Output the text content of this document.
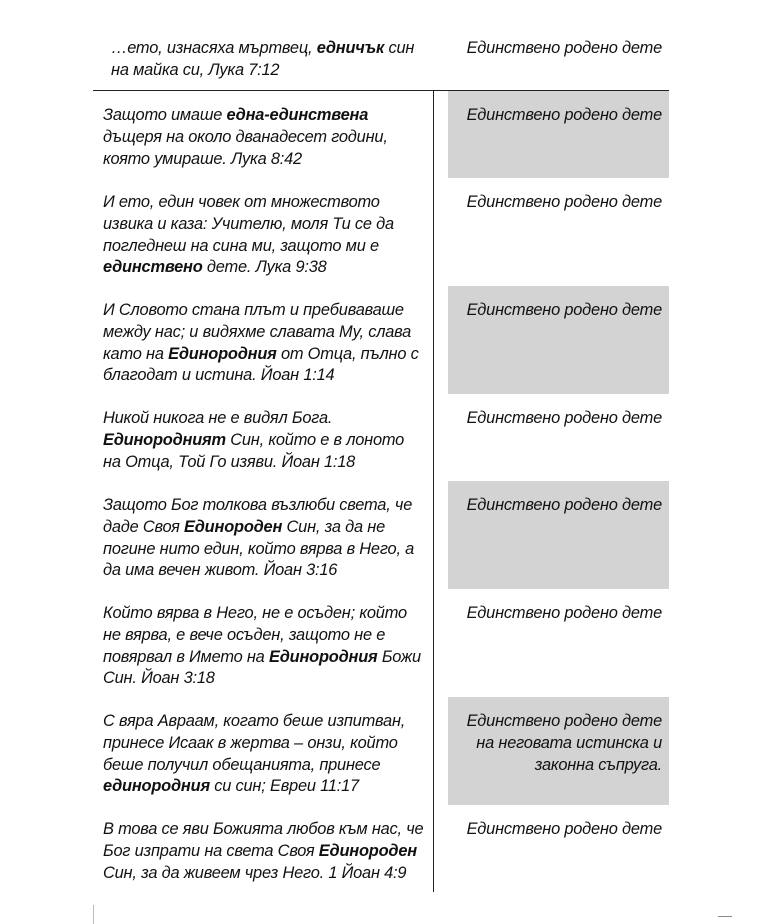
…ето, изнасяха мъртвец, едничък син на майка си, Лука 7:12
Единствено родено дете
Защото имаше една-единствена дъщеря на около дванадесет години, която умираше. Лука 8:42
Единствено родено дете
И ето, един човек от множеството извика и каза: Учителю, моля Ти се да погледнеш на сина ми, защото ми е единствено дете. Лука 9:38
Единствено родено дете
И Словото стана плът и пребиваваше между нас; и видяхме славата Му, слава като на Единородния от Отца, пълно с благодат и истина. Йоан 1:14
Единствено родено дете
Никой никога не е видял Бога. Единородният Син, който е в лоното на Отца, Той Го изяви. Йоан 1:18
Единствено родено дете
Защото Бог толкова възлюби света, че даде Своя Единороден Син, за да не погине нито един, който вярва в Него, а да има вечен живот. Йоан 3:16
Единствено родено дете
Който вярва в Него, не е осъден; който не вярва, е вече осъден, защото не е повярвал в Името на Единородния Божи Син. Йоан 3:18
Единствено родено дете
С вяра Авраам, когато беше изпитван, принесе Исаак в жертва – онзи, който беше получил обещанията, принесе единородния си син; Евреи 11:17
Единствено родено дете на неговата истинска и законна съпруга.
В това се яви Божията любов към нас, че Бог изпрати на света Своя Единороден Син, за да живеем чрез Него. 1 Йоан 4:9
Единствено родено дете
